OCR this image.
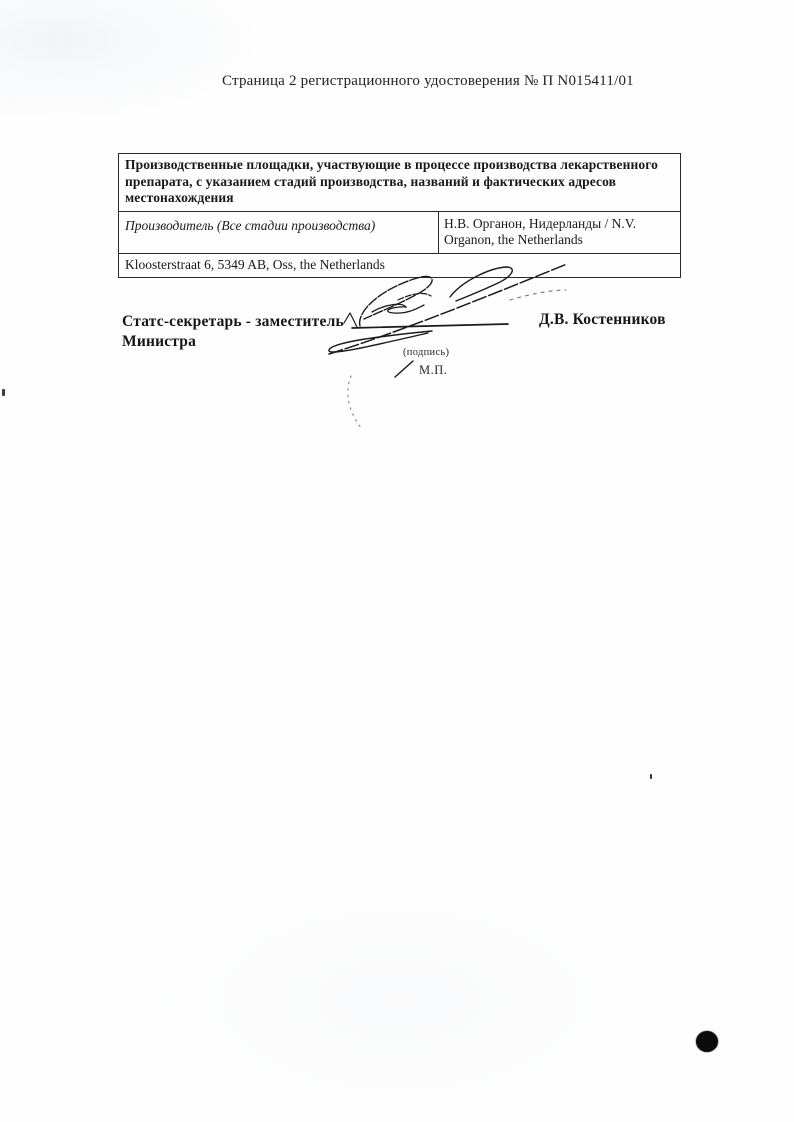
Страница 2 регистрационного удостоверения № П N015411/01
Производственные площадки, участвующие в процессе производства лекарственного препарата, с указанием стадий производства, названий и фактических адресов местонахождения
Производитель (Все стадии производства)	Н.В. Органон, Нидерланды / N.V. Organon, the Netherlands
Kloosterstraat 6, 5349 AB, Oss, the Netherlands
Статс-секретарь - заместитель
Министра
Д.В. Костенников
(подпись)
М.П.
